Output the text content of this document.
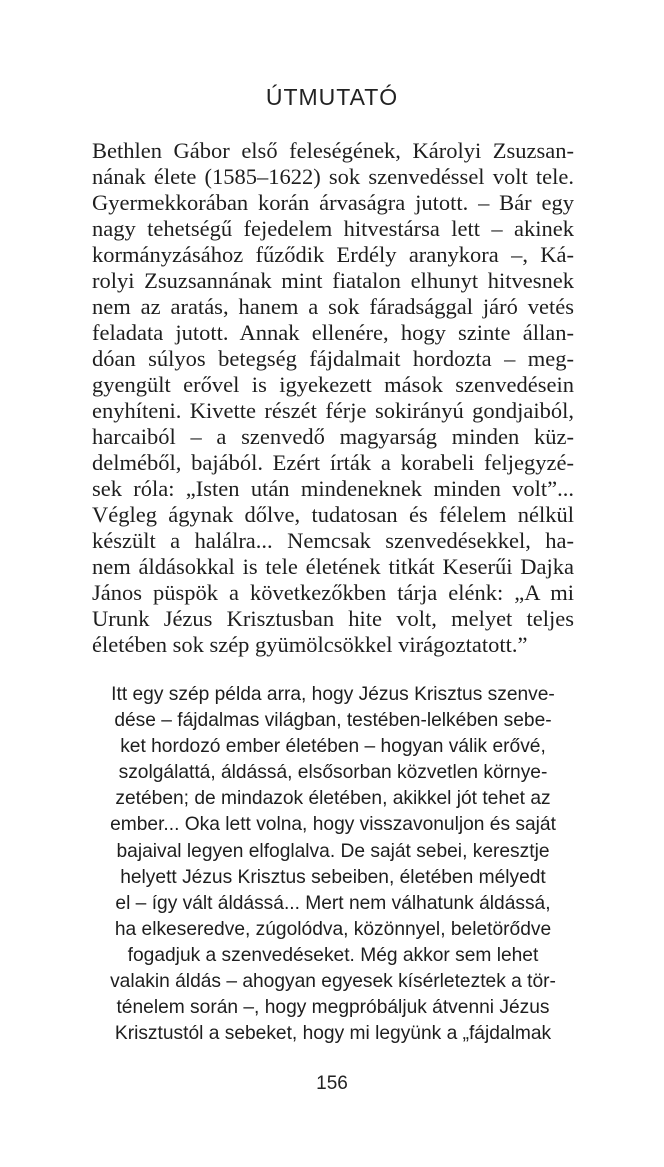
ÚTMUTATÓ
Bethlen Gábor első feleségének, Károlyi Zsuzsan-
nának élete (1585–1622) sok szenvedéssel volt tele.
Gyermekkorában korán árvaságra jutott. – Bár egy
nagy tehetségű fejedelem hitvestársa lett – akinek
kormányzásához fűződik Erdély aranykora –, Ká-
rolyi Zsuzsannának mint fiatalon elhunyt hitvesnek
nem az aratás, hanem a sok fáradsággal járó vetés
feladata jutott. Annak ellenére, hogy szinte állan-
dóan súlyos betegség fájdalmait hordozta – meg-
gyengült erővel is igyekezett mások szenvedésein
enyhíteni. Kivette részét férje sokirányú gondjaiból,
harcaiból – a szenvedő magyarság minden küz-
delméből, bajából. Ezért írták a korabeli feljegyzé-
sek róla: „Isten után mindeneknek minden volt”...
Végleg ágynak dőlve, tudatosan és félelem nélkül
készült a halálra... Nemcsak szenvedésekkel, ha-
nem áldásokkal is tele életének titkát Keserűi Dajka
János püspök a következőkben tárja elénk: „A mi
Urunk Jézus Krisztusban hite volt, melyet teljes
életében sok szép gyümölcsökkel virágoztatott.”
Itt egy szép példa arra, hogy Jézus Krisztus szenve-
dése – fájdalmas világban, testében-lelkében sebe-
ket hordozó ember életében – hogyan válik erővé,
szolgálattá, áldássá, elsősorban közvetlen környe-
zetében; de mindazok életében, akikkel jót tehet az
ember... Oka lett volna, hogy visszavonuljon és saját
bajaival legyen elfoglalva. De saját sebei, keresztje
helyett Jézus Krisztus sebeiben, életében mélyedt
el – így vált áldássá... Mert nem válhatunk áldássá,
ha elkeseredve, zúgolódva, közönnyel, beletörődve
fogadjuk a szenvedéseket. Még akkor sem lehet
valakin áldás – ahogyan egyesek kísérleteztek a tör-
ténelem során –, hogy megpróbáljuk átvenni Jézus
Krisztustól a sebeket, hogy mi legyünk a „fájdalmak
156
